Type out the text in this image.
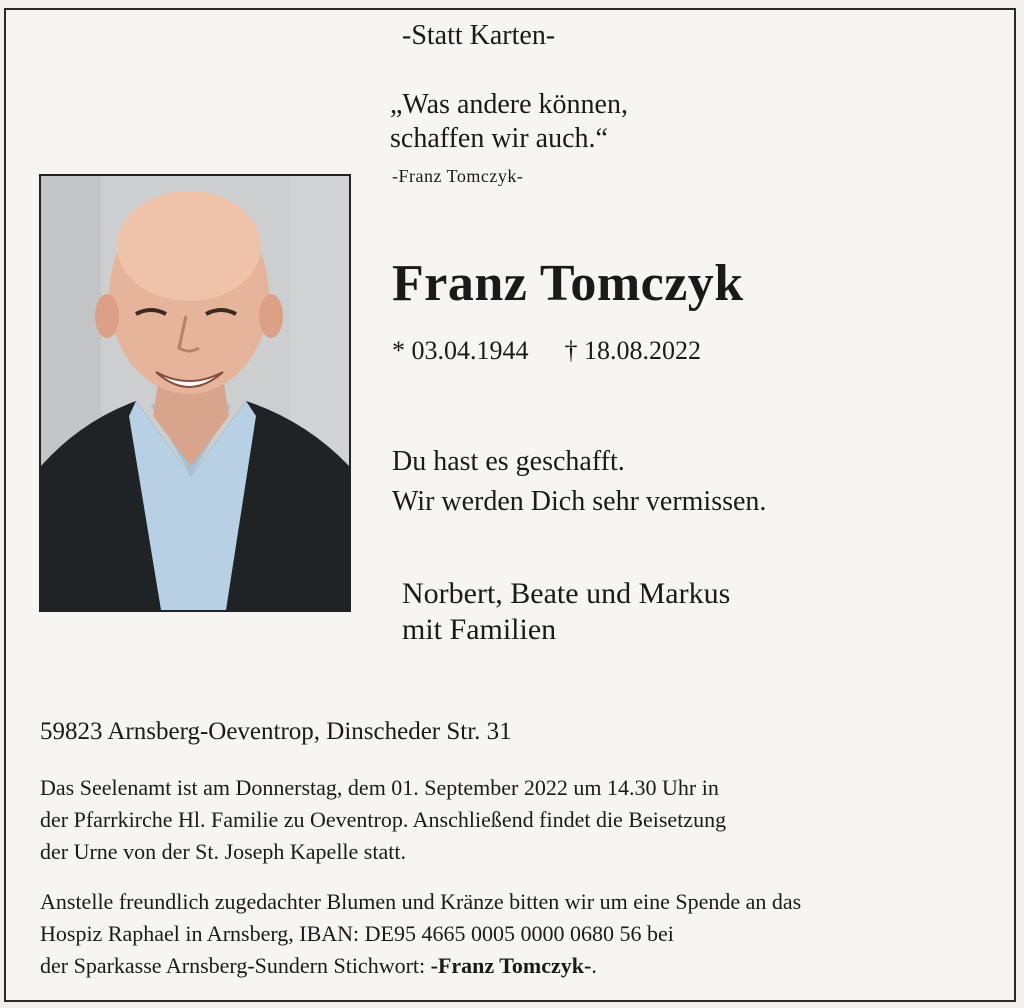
-Statt Karten-
„Was andere können,
schaffen wir auch.“
-Franz Tomczyk-
Franz Tomczyk
* 03.04.1944 † 18.08.2022
Du hast es geschafft.
Wir werden Dich sehr vermissen.
Norbert, Beate und Markus
mit Familien
59823 Arnsberg-Oeventrop, Dinscheder Str. 31
Das Seelenamt ist am Donnerstag, dem 01. September 2022 um 14.30 Uhr in
der Pfarrkirche Hl. Familie zu Oeventrop. Anschließend findet die Beisetzung
der Urne von der St. Joseph Kapelle statt.
Anstelle freundlich zugedachter Blumen und Kränze bitten wir um eine Spende an das
Hospiz Raphael in Arnsberg, IBAN: DE95 4665 0005 0000 0680 56 bei
der Sparkasse Arnsberg-Sundern Stichwort: -Franz Tomczyk-.
